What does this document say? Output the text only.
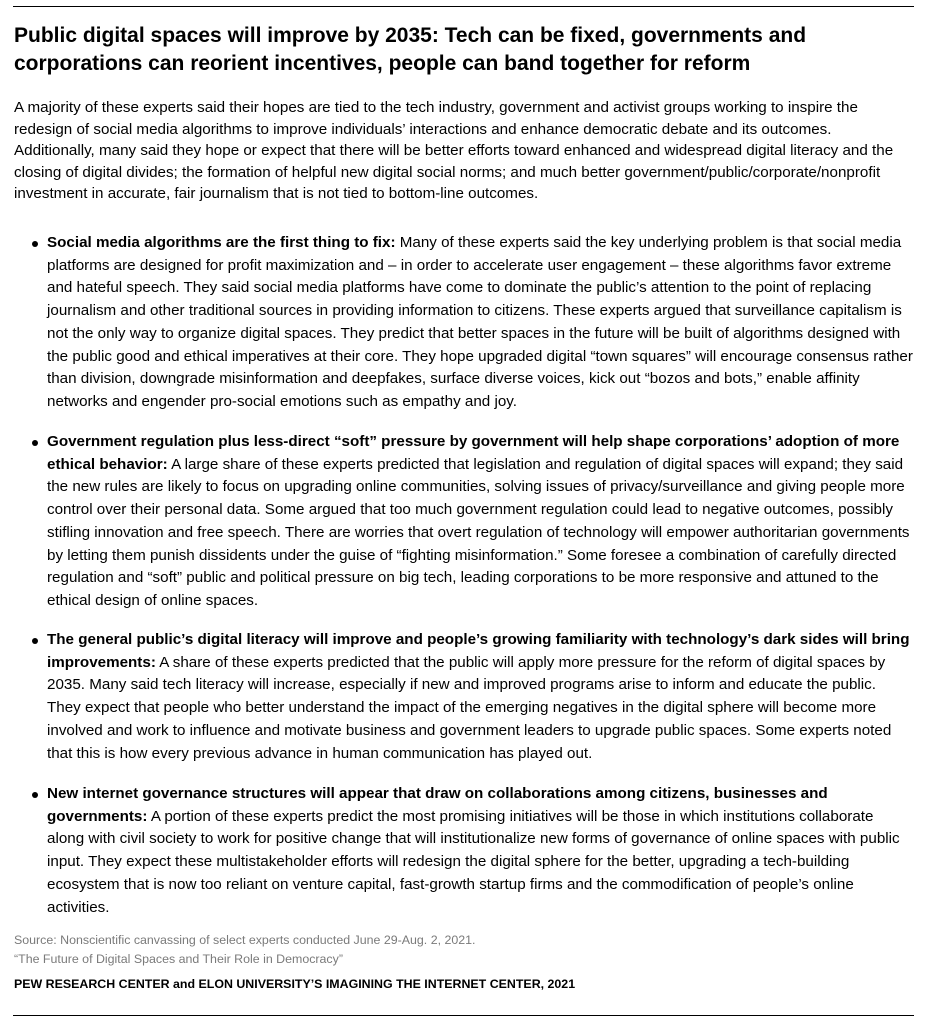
Public digital spaces will improve by 2035: Tech can be fixed, governments and corporations can reorient incentives, people can band together for reform

A majority of these experts said their hopes are tied to the tech industry, government and activist groups working to inspire the redesign of social media algorithms to improve individuals’ interactions and enhance democratic debate and its outcomes. Additionally, many said they hope or expect that there will be better efforts toward enhanced and widespread digital literacy and the closing of digital divides; the formation of helpful new digital social norms; and much better government/public/corporate/nonprofit investment in accurate, fair journalism that is not tied to bottom-line outcomes.

Social media algorithms are the first thing to fix: Many of these experts said the key underlying problem is that social media platforms are designed for profit maximization and – in order to accelerate user engagement – these algorithms favor extreme and hateful speech. They said social media platforms have come to dominate the public’s attention to the point of replacing journalism and other traditional sources in providing information to citizens. These experts argued that surveillance capitalism is not the only way to organize digital spaces. They predict that better spaces in the future will be built of algorithms designed with the public good and ethical imperatives at their core. They hope upgraded digital “town squares” will encourage consensus rather than division, downgrade misinformation and deepfakes, surface diverse voices, kick out “bozos and bots,” enable affinity networks and engender pro-social emotions such as empathy and joy.
Government regulation plus less-direct “soft” pressure by government will help shape corporations’ adoption of more ethical behavior: A large share of these experts predicted that legislation and regulation of digital spaces will expand; they said the new rules are likely to focus on upgrading online communities, solving issues of privacy/surveillance and giving people more control over their personal data. Some argued that too much government regulation could lead to negative outcomes, possibly stifling innovation and free speech. There are worries that overt regulation of technology will empower authoritarian governments by letting them punish dissidents under the guise of “fighting misinformation.” Some foresee a combination of carefully directed regulation and “soft” public and political pressure on big tech, leading corporations to be more responsive and attuned to the ethical design of online spaces.
The general public’s digital literacy will improve and people’s growing familiarity with technology’s dark sides will bring improvements: A share of these experts predicted that the public will apply more pressure for the reform of digital spaces by 2035. Many said tech literacy will increase, especially if new and improved programs arise to inform and educate the public. They expect that people who better understand the impact of the emerging negatives in the digital sphere will become more involved and work to influence and motivate business and government leaders to upgrade public spaces. Some experts noted that this is how every previous advance in human communication has played out.
New internet governance structures will appear that draw on collaborations among citizens, businesses and governments: A portion of these experts predict the most promising initiatives will be those in which institutions collaborate along with civil society to work for positive change that will institutionalize new forms of governance of online spaces with public input. They expect these multistakeholder efforts will redesign the digital sphere for the better, upgrading a tech-building ecosystem that is now too reliant on venture capital, fast-growth startup firms and the commodification of people’s online activities.
Source: Nonscientific canvassing of select experts conducted June 29-Aug. 2, 2021.
“The Future of Digital Spaces and Their Role in Democracy”
PEW RESEARCH CENTER and ELON UNIVERSITY’S IMAGINING THE INTERNET CENTER, 2021
